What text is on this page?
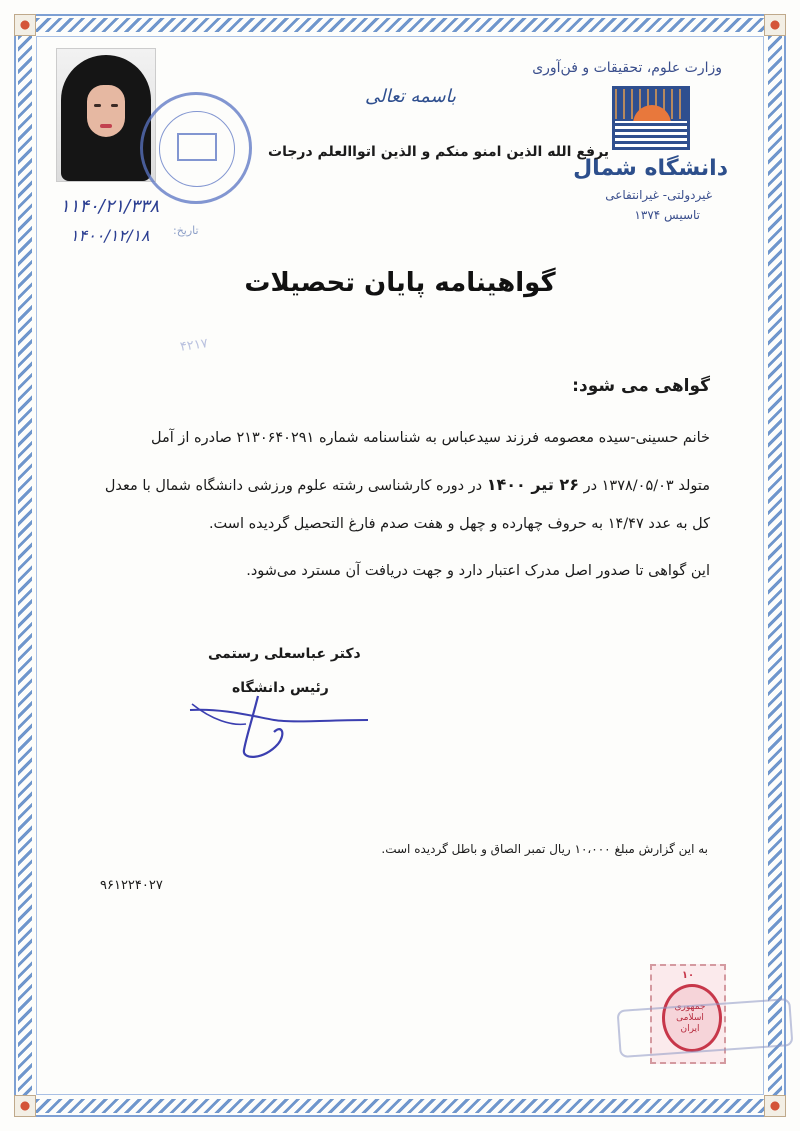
وزارت علوم، تحقیقات و فن‌آوری
دانشگاه شمال
غیردولتی- غیرانتفاعی
تاسیس ۱۳۷۴
باسمه تعالی
یرفع الله الذین امنو منکم و الذین اتواالعلم درجات
۱۱۴۰/۲۱/۳۳۸
تاریخ:
۱۴۰۰/۱۲/۱۸
گواهینامه پایان تحصیلات
۴۲۱۷
گواهی می شود:
خانم حسینی-سیده معصومه فرزند سیدعباس به شناسنامه شماره ۲۱۳۰۶۴۰۲۹۱ صادره از آمل
متولد ۱۳۷۸/۰۵/۰۳ در ۲۶ تیر ۱۴۰۰ در دوره کارشناسی رشته علوم ورزشی دانشگاه شمال با معدل
کل به عدد ۱۴/۴۷ به حروف چهارده و چهل و هفت صدم فارغ التحصیل گردیده است.
این گواهی تا صدور اصل مدرک اعتبار دارد و جهت دریافت آن مسترد می‌شود.
دکتر عباسعلی رستمی
رئیس دانشگاه
به این گزارش مبلغ ۱۰،۰۰۰ ریال تمبر الصاق و باطل گردیده است.
۹۶۱۲۲۴۰۲۷
۱۰
جمهوری اسلامی ایران
